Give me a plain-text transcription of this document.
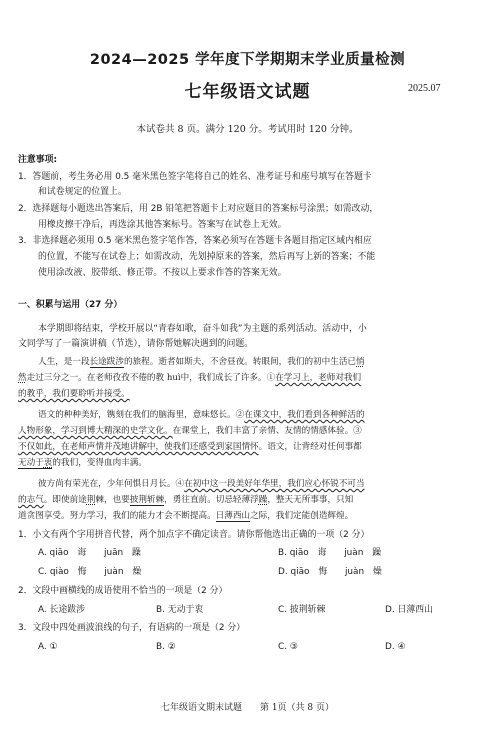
2024—2025 学年度下学期期末学业质量检测
七年级语文试题	2025.07
本试卷共 8 页。满分 120 分。考试用时 120 分钟。
注意事项:
1．答题前，考生务必用 0.5 毫米黑色签字笔将自己的姓名、准考证号和座号填写在答题卡
和试卷规定的位置上。
2．选择题每小题选出答案后，用 2B 铅笔把答题卡上对应题目的答案标号涂黑；如需改动，
用橡皮擦干净后，再选涂其他答案标号。答案写在试卷上无效。
3．非选择题必须用 0.5 毫米黑色签字笔作答，答案必须写在答题卡各题目指定区域内相应
的位置，不能写在试卷上；如需改动，先划掉原来的答案，然后再写上新的答案；不能
使用涂改液、胶带纸、修正带。不按以上要求作答的答案无效。
一、积累与运用（27 分）
本学期即将结束，学校开展以“青春如歌，奋斗如我”为主题的系列活动。活动中，小
文同学写了一篇演讲稿（节选），请你帮她解决遇到的问题。
人生，是一段长途跋涉的旅程。逝者如斯夫，不舍昼夜。转眼间，我们的初中生活已悄
然走过三分之一。在老师孜孜不倦的教 huì中，我们成长了许多。①在学习上，老师对我们
的教乎，我们要聆听并接受。
语文的种种美好，镌刻在我们的脑海里，意味悠长。②在课文中，我们看到各种鲜活的
人物形象，学习到博大精深的史学文化。在课堂上，我们丰富了亲情、友情的情感体验。③
不仅如此，在老师声情并茂地讲解中，使我们还感受到家国情怀。语文，让背经对任何事都
无动于衷的我们，变得血肉丰满。
彼方尚有荣光在，少年何惧日月长。④在初中这一段美好年华里，我们应心怀锐不可当
的志气。即使前途荆棘，也要披荆斩棘，勇往直前。切忌轻薄浮躁，整天无所事事，只知
道贪图享受。努力学习，我们的能力才会不断提高。日薄西山之际，我们定能创造辉煌。
1．小文有两个字用拼音代替，两个加点字不确定读音。请你帮他选出正确的一项（2 分）
A. qiāo　诲　　juān　躁	B. qiāo　诲　　juàn　躁
C. qiào　悔　　juàn　燥	D. qiāo　悔　　juàn　燥
2．文段中画横线的成语使用不恰当的一项是（2 分）
A. 长途跋涉	B. 无动于衷	C. 披荆斩棘	D. 日薄西山
3．文段中四处画波浪线的句子，有语病的一项是（2 分）
A. ①	B. ②	C. ③	D. ④
七年级语文期末试题　　第 1页（共 8 页）
